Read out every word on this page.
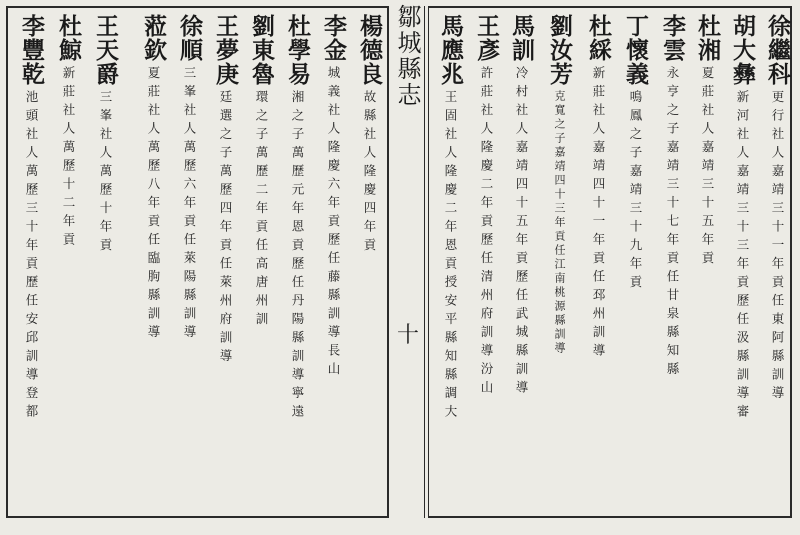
鄒城縣志
十
徐繼科
更行社人嘉靖三十一年貢任東阿縣訓導
胡大彝
新河社人嘉靖三十三年貢歷任汲縣訓導審
杜湘
夏莊社人嘉靖三十五年貢
李雲
永亨之子嘉靖三十七年貢任甘泉縣知縣
丁懷義
鳴鳳之子嘉靖三十九年貢
杜綵
新莊社人嘉靖四十一年貢任邳州訓導
劉汝芳
克寬之子嘉靖四十三年貢任江南桃源縣訓導
馬訓
冷村社人嘉靖四十五年貢歷任武城縣訓導
王彥
許莊社人隆慶二年貢歷任清州府訓導汾山
馬應兆
王固社人隆慶二年恩貢授安平縣知縣調大
楊德良
故縣社人隆慶四年貢
李金
城義社人隆慶六年貢歷任藤縣訓導長山
杜學易
湘之子萬歷元年恩貢歷任丹陽縣訓導寧遠
劉東魯
環之子萬歷二年貢任高唐州訓
王夢庚
廷選之子萬歷四年貢任萊州府訓導
徐順
三峯社人萬歷六年貢任萊陽縣訓導
蒞欽
夏莊社人萬歷八年貢任臨朐縣訓導
王天爵
三峯社人萬歷十年貢
杜鯨
新莊社人萬歷十二年貢
李豐乾
池頭社人萬歷三十年貢歷任安邱訓導登都
